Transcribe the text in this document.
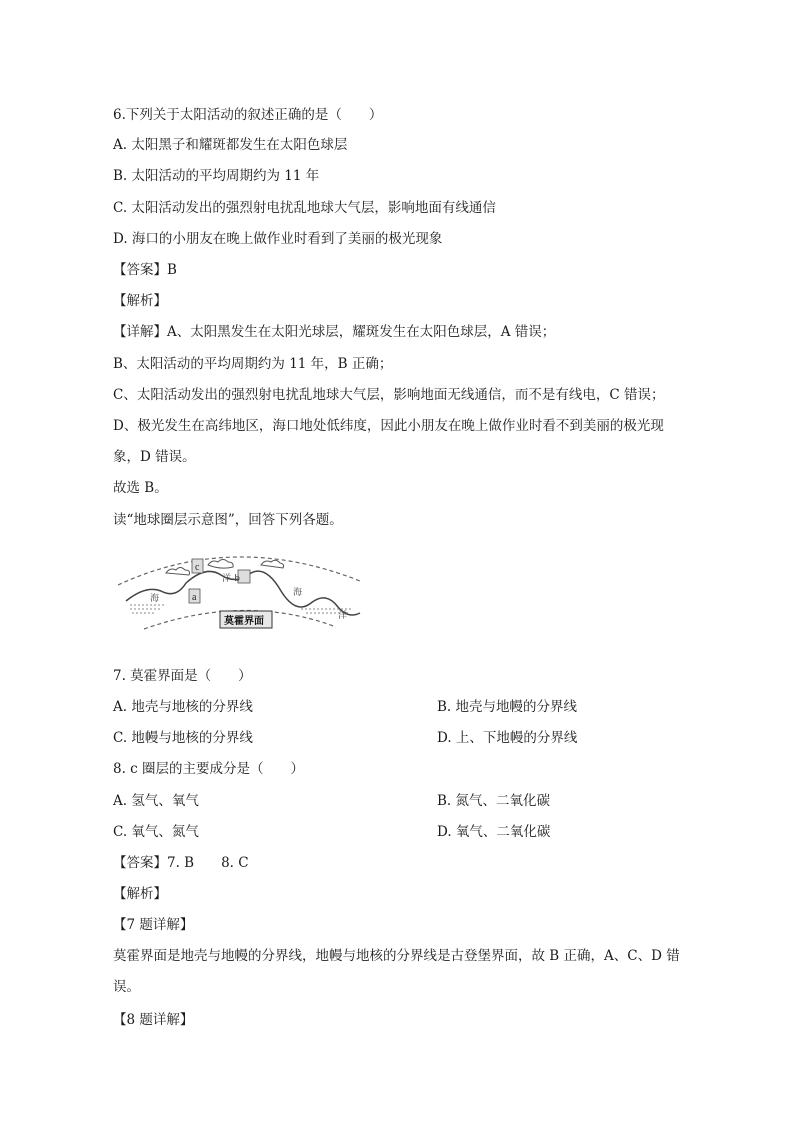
6.下列关于太阳活动的叙述正确的是（　　）
A. 太阳黑子和耀斑都发生在太阳色球层
B. 太阳活动的平均周期约为 11 年
C. 太阳活动发出的强烈射电扰乱地球大气层，影响地面有线通信
D. 海口的小朋友在晚上做作业时看到了美丽的极光现象
【答案】B
【解析】
【详解】A、太阳黑发生在太阳光球层，耀斑发生在太阳色球层，A 错误；
B、太阳活动的平均周期约为 11 年，B 正确；
C、太阳活动发出的强烈射电扰乱地球大气层，影响地面无线通信，而不是有线电，C 错误；
D、极光发生在高纬地区，海口地处低纬度，因此小朋友在晚上做作业时看不到美丽的极光现
象，D 错误。
故选 B。
读“地球圈层示意图”，回答下列各题。
c
a
洋-b
海
海
洋
莫霍界面
7. 莫霍界面是（　　）
A. 地壳与地核的分界线	B. 地壳与地幔的分界线
C. 地幔与地核的分界线	D. 上、下地幔的分界线
8. c 圈层的主要成分是（　　）
A. 氢气、氧气	B. 氮气、二氧化碳
C. 氧气、氮气	D. 氧气、二氧化碳
【答案】7. B　　8. C
【解析】
【7 题详解】
莫霍界面是地壳与地幔的分界线，地幔与地核的分界线是古登堡界面，故 B 正确，A、C、D 错
误。
【8 题详解】
